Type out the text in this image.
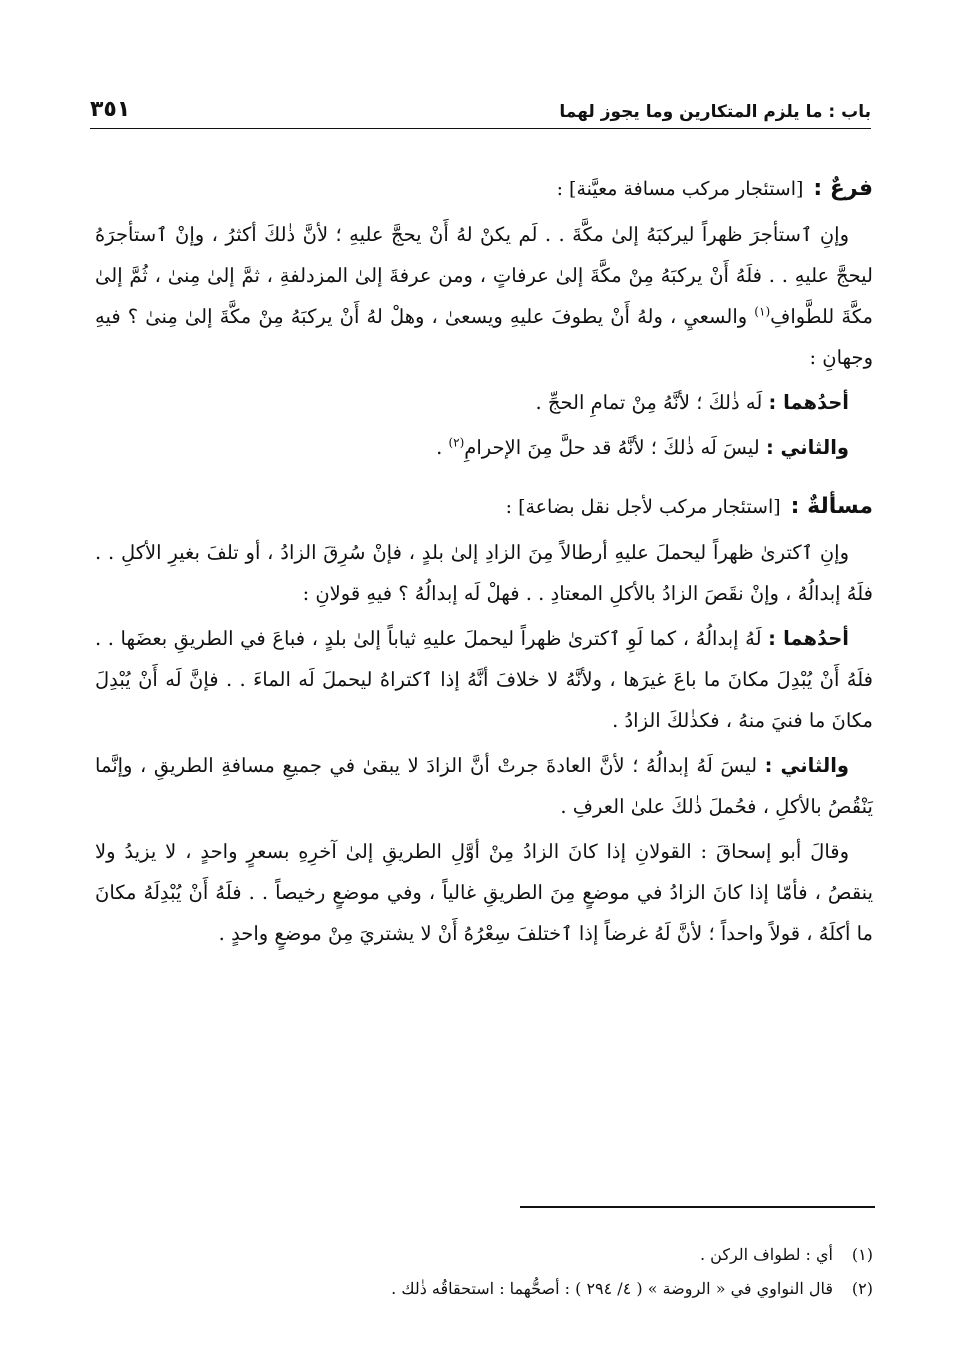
باب : ما يلزم المتكارين وما يجوز لهما
٣٥١

فرعٌ :[استئجار مركب مسافة معيَّنة] :

وإنِ ٱستأجرَ ظهراً ليركبَهُ إلىٰ مكَّةَ . . لَم يكنْ لهُ أَنْ يحجَّ عليهِ ؛ لأنَّ ذٰلكَ أكثرُ ، وإنْ ٱستأجرَهُ ليحجَّ عليهِ . . فلَهُ أَنْ يركبَهُ مِنْ مكَّةَ إلىٰ عرفاتٍ ، ومن عرفةَ إلىٰ المزدلفةِ ، ثمَّ إلىٰ مِنىٰ ، ثُمَّ إلىٰ مكَّةَ للطَّوافِ$^{(١)}$ والسعيِ ، ولهُ أَنْ يطوفَ عليهِ ويسعىٰ ، وهلْ لهُ أَنْ يركبَهُ مِنْ مكَّةَ إلىٰ مِنىٰ ؟ فيهِ وجهانِ :

أحدُهما : لَه ذٰلكَ ؛ لأنَّهُ مِنْ تمامِ الحجِّ .

والثاني : ليسَ لَه ذٰلكَ ؛ لأنَّهُ قد حلَّ مِنَ الإحرامِ$^{(٢)}$ .

مسألةٌ :[استئجار مركب لأجل نقل بضاعة] :

وإنِ ٱكترىٰ ظهراً ليحملَ عليهِ أرطالاً مِنَ الزادِ إلىٰ بلدٍ ، فإنْ سُرِقَ الزادُ ، أو تلفَ بغيرِ الأكلِ . . فلَهُ إبدالُهُ ، وإنْ نقَصَ الزادُ بالأكلِ المعتادِ . . فهلْ لَه إبدالُهُ ؟ فيهِ قولانِ :

أحدُهما : لَهُ إبدالُهُ ، كما لَوِ ٱكترىٰ ظهراً ليحملَ عليهِ ثياباً إلىٰ بلدٍ ، فباعَ في الطريقِ بعضَها . . فلَهُ أَنْ يُبْدِلَ مكانَ ما باعَ غيرَها ، ولأنَّهُ لا خلافَ أنَّهُ إذا ٱكتراهُ ليحملَ لَه الماءَ . . فإنَّ لَه أَنْ يُبْدِلَ مكانَ ما فنيَ منهُ ، فكذٰلكَ الزادُ .

والثاني : ليسَ لَهُ إبدالُهُ ؛ لأنَّ العادةَ جرتْ أنَّ الزادَ لا يبقىٰ في جميعِ مسافةِ الطريقِ ، وإنَّما يَنْقُصُ بالأكلِ ، فحُملَ ذٰلكَ علىٰ العرفِ .

وقالَ أبو إسحاقَ : القولانِ إذا كانَ الزادُ مِنْ أوَّلِ الطريقِ إلىٰ آخرِهِ بسعرٍ واحدٍ ، لا يزيدُ ولا ينقصُ ، فأمّا إذا كانَ الزادُ في موضعٍ مِنَ الطريقِ غالياً ، وفي موضعٍ رخيصاً . . فلَهُ أَنْ يُبْدِلَهُ مكانَ ما أكلَهُ ، قولاً واحداً ؛ لأنَّ لَهُ غرضاً إذا ٱختلفَ سِعْرُهُ أَنْ لا يشتريَ مِنْ موضعٍ واحدٍ .

(١)أي : لطواف الركن .

(٢)قال النواوي في « الروضة » ( ٤/ ٢٩٤ ) : أصحُّهما : استحقاقُه ذٰلك .
